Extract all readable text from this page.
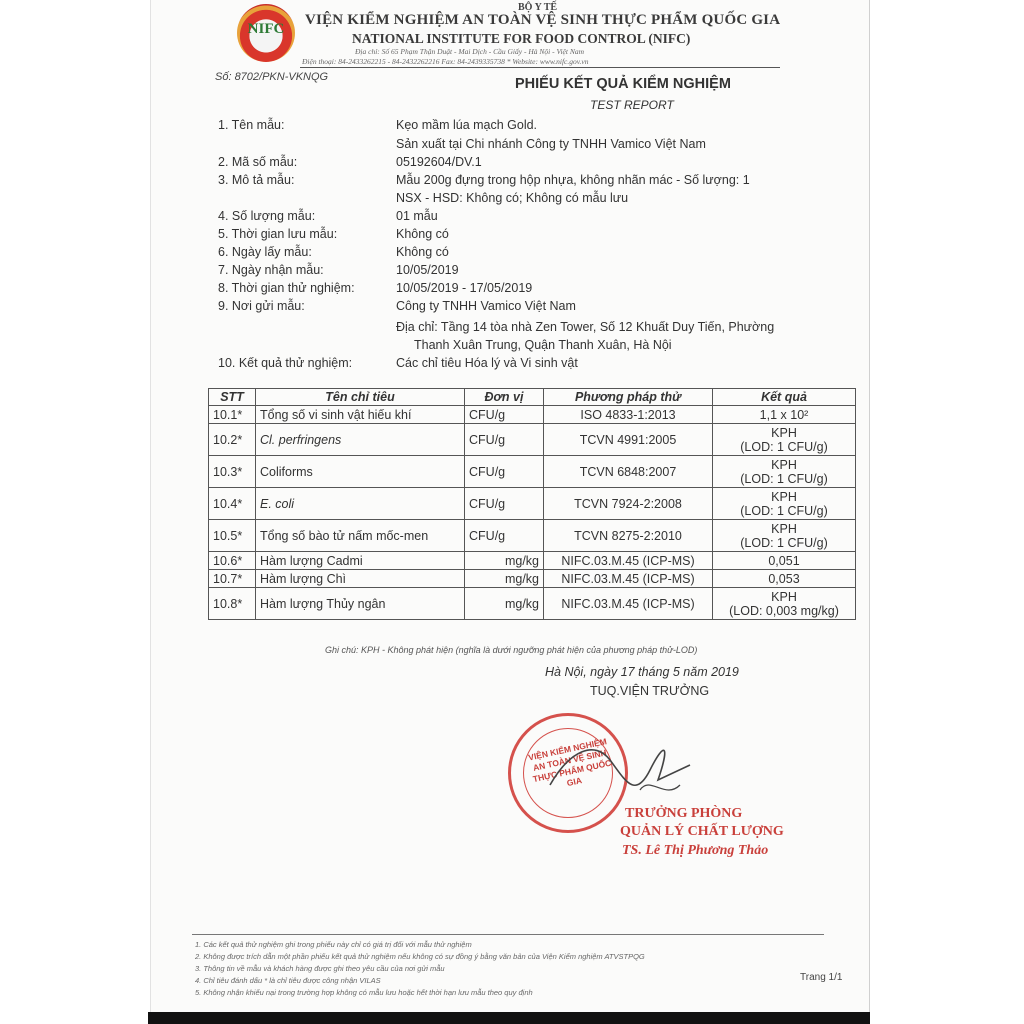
NIFC
BỘ Y TẾ
VIỆN KIỂM NGHIỆM AN TOÀN VỆ SINH THỰC PHẨM QUỐC GIA
NATIONAL INSTITUTE FOR FOOD CONTROL (NIFC)
Địa chỉ: Số 65 Phạm Thận Duật - Mai Dịch - Cầu Giấy - Hà Nội - Việt Nam
Điện thoại: 84-2433262215 - 84-2432262216 Fax: 84-2439335738 * Website: www.nifc.gov.vn
Số: 8702/PKN-VKNQG	PHIẾU KẾT QUẢ KIỂM NGHIỆM
TEST REPORT
1. Tên mẫu:	Kẹo mầm lúa mạch Gold.
Sản xuất tại Chi nhánh Công ty TNHH Vamico Việt Nam
2. Mã số mẫu:	05192604/DV.1
3. Mô tả mẫu:	Mẫu 200g đựng trong hộp nhựa, không nhãn mác - Số lượng: 1
NSX - HSD: Không có; Không có mẫu lưu
4. Số lượng mẫu:	01 mẫu
5. Thời gian lưu mẫu:	Không có
6. Ngày lấy mẫu:	Không có
7. Ngày nhận mẫu:	10/05/2019
8. Thời gian thử nghiệm:	10/05/2019 - 17/05/2019
9. Nơi gửi mẫu:	Công ty TNHH Vamico Việt Nam
Địa chỉ: Tầng 14 tòa nhà Zen Tower, Số 12 Khuất Duy Tiến, Phường
Thanh Xuân Trung, Quận Thanh Xuân, Hà Nội
10. Kết quả thử nghiệm:	Các chỉ tiêu Hóa lý và Vi sinh vật
STT	Tên chỉ tiêu	Đơn vị	Phương pháp thử	Kết quả
10.1*	Tổng số vi sinh vật hiếu khí	CFU/g	ISO 4833-1:2013	1,1 x 10²
10.2*	Cl. perfringens	CFU/g	TCVN 4991:2005	KPH
(LOD: 1 CFU/g)

10.3*	Coliforms	CFU/g	TCVN 6848:2007	KPH
(LOD: 1 CFU/g)

10.4*	E. coli	CFU/g	TCVN 7924-2:2008	KPH
(LOD: 1 CFU/g)

10.5*	Tổng số bào tử nấm mốc-men	CFU/g	TCVN 8275-2:2010	KPH
(LOD: 1 CFU/g)

10.6*	Hàm lượng Cadmi	mg/kg	NIFC.03.M.45 (ICP-MS)	0,051
10.7*	Hàm lượng Chì	mg/kg	NIFC.03.M.45 (ICP-MS)	0,053
10.8*	Hàm lượng Thủy ngân	mg/kg	NIFC.03.M.45 (ICP-MS)	KPH
(LOD: 0,003 mg/kg)
Ghi chú: KPH - Không phát hiện (nghĩa là dưới ngưỡng phát hiện của phương pháp thử-LOD)
Hà Nội, ngày 17 tháng 5 năm 2019
TUQ.VIỆN TRƯỞNG
VIỆN KIỂM NGHIỆM AN TOÀN VỆ SINH THỰC PHẨM QUỐC GIA
TRƯỞNG PHÒNG
QUẢN LÝ CHẤT LƯỢNG
TS. Lê Thị Phương Thảo
1. Các kết quả thử nghiệm ghi trong phiếu này chỉ có giá trị đối với mẫu thử nghiệm
2. Không được trích dẫn một phần phiếu kết quả thử nghiệm nếu không có sự đồng ý bằng văn bản của Viện Kiểm nghiệm ATVSTPQG
3. Thông tin về mẫu và khách hàng được ghi theo yêu cầu của nơi gửi mẫu
4. Chỉ tiêu đánh dấu * là chỉ tiêu được công nhận VILAS
5. Không nhận khiếu nại trong trường hợp không có mẫu lưu hoặc hết thời hạn lưu mẫu theo quy định
Trang 1/1
